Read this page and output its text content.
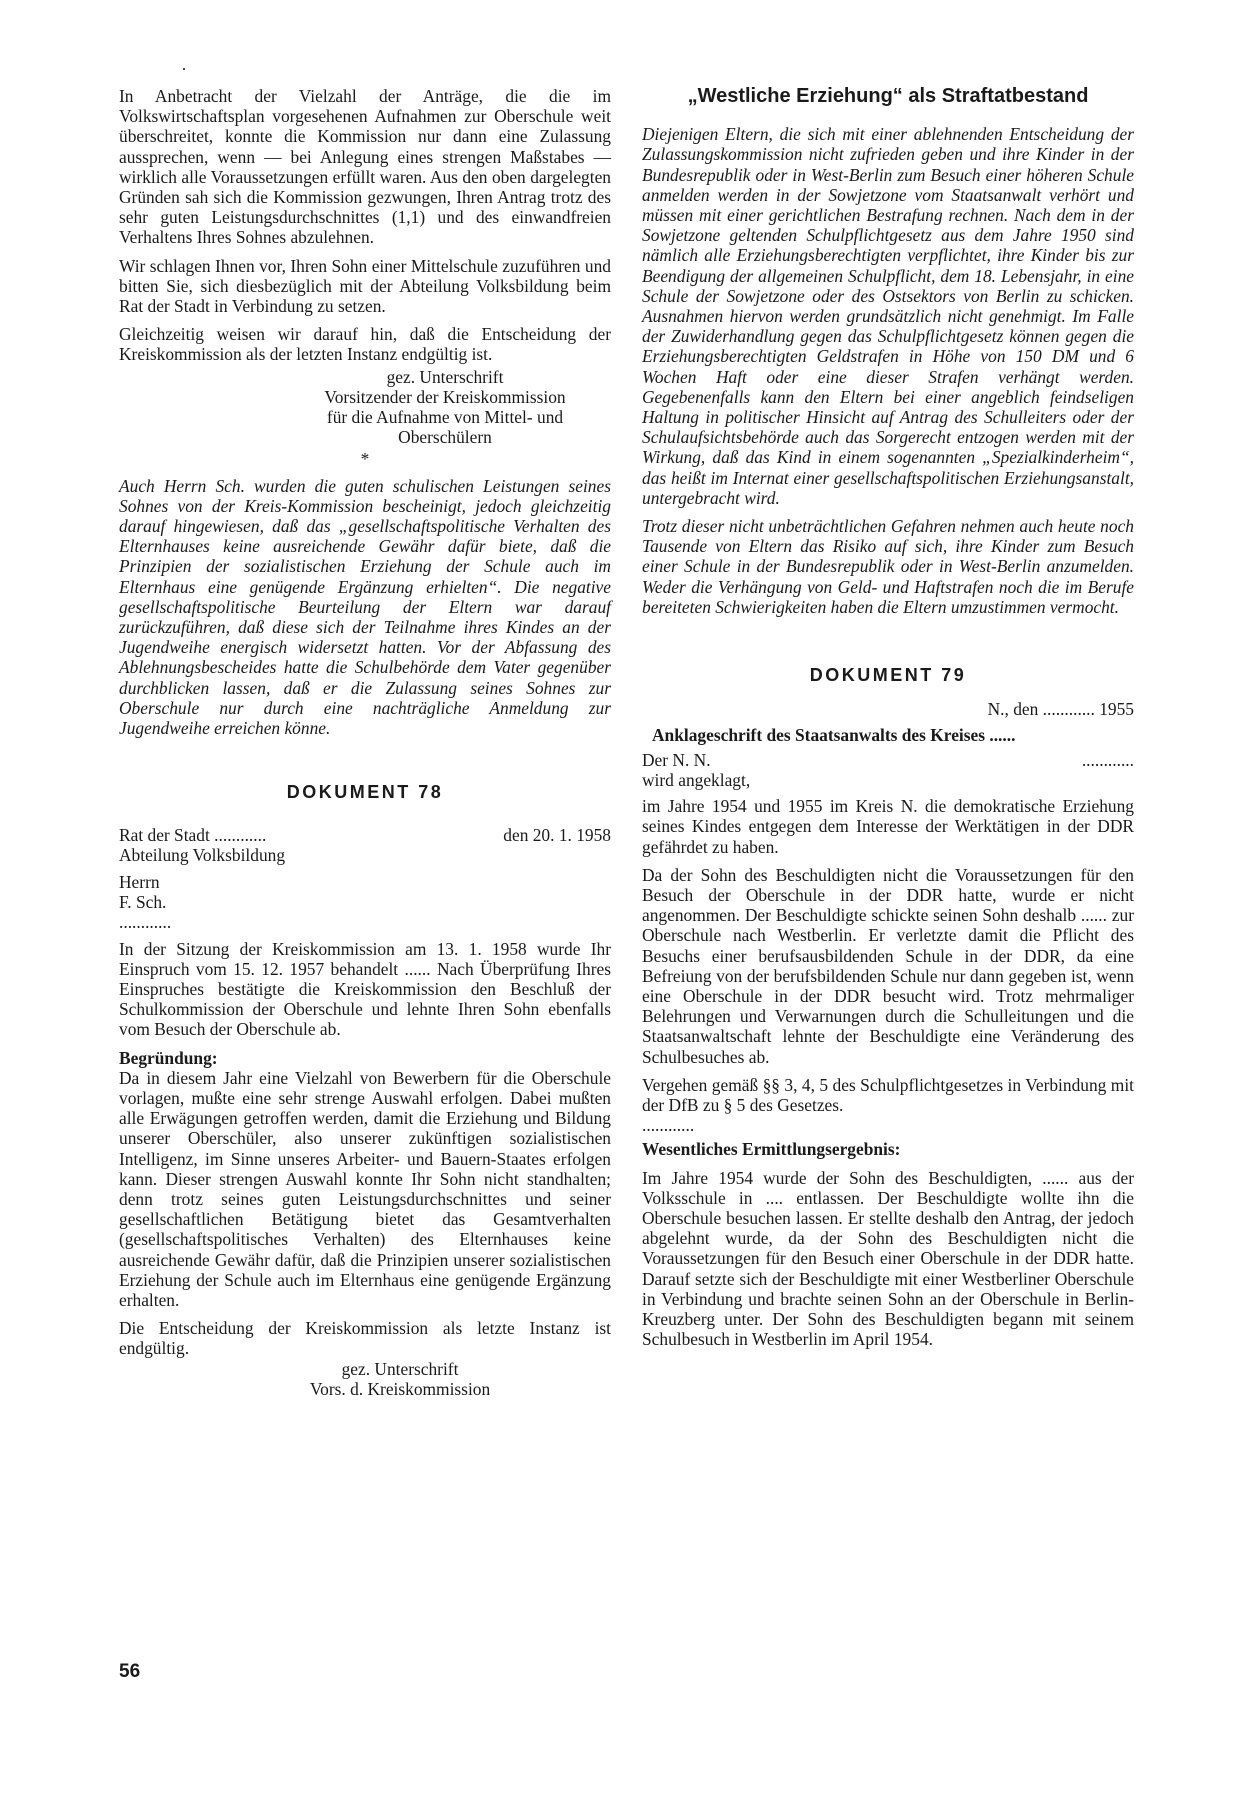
In Anbetracht der Vielzahl der Anträge, die die im Volkswirtschaftsplan vorgesehenen Aufnahmen zur Oberschule weit überschreitet, konnte die Kommission nur dann eine Zulassung aussprechen, wenn — bei Anlegung eines strengen Maßstabes — wirklich alle Voraussetzungen erfüllt waren. Aus den oben dargelegten Gründen sah sich die Kommission gezwungen, Ihren Antrag trotz des sehr guten Leistungsdurchschnittes (1,1) und des einwandfreien Verhaltens Ihres Sohnes abzulehnen.

Wir schlagen Ihnen vor, Ihren Sohn einer Mittelschule zuzuführen und bitten Sie, sich diesbezüglich mit der Abteilung Volksbildung beim Rat der Stadt in Verbindung zu setzen.

Gleichzeitig weisen wir darauf hin, daß die Entscheidung der Kreiskommission als der letzten Instanz endgültig ist.

gez. Unterschrift

Vorsitzender der Kreiskommission

für die Aufnahme von Mittel- und

Oberschülern

*

Auch Herrn Sch. wurden die guten schulischen Leistungen seines Sohnes von der Kreis-Kommission bescheinigt, jedoch gleichzeitig darauf hingewiesen, daß das „gesellschaftspolitische Verhalten des Elternhauses keine ausreichende Gewähr dafür biete, daß die Prinzipien der sozialistischen Erziehung der Schule auch im Elternhaus eine genügende Ergänzung erhielten“. Die negative gesellschaftspolitische Beurteilung der Eltern war darauf zurückzuführen, daß diese sich der Teilnahme ihres Kindes an der Jugendweihe energisch widersetzt hatten. Vor der Abfassung des Ablehnungsbescheides hatte die Schulbehörde dem Vater gegenüber durchblicken lassen, daß er die Zulassung seines Sohnes zur Oberschule nur durch eine nachträgliche Anmeldung zur Jugendweihe erreichen könne.

DOKUMENT 78

Rat der Stadt ............	den 20. 1. 1958

Abteilung Volksbildung

Herrn

F. Sch.

............

In der Sitzung der Kreiskommission am 13. 1. 1958 wurde Ihr Einspruch vom 15. 12. 1957 behandelt ...... Nach Überprüfung Ihres Einspruches bestätigte die Kreiskommission den Beschluß der Schulkommission der Oberschule und lehnte Ihren Sohn ebenfalls vom Besuch der Oberschule ab.

Begründung:

Da in diesem Jahr eine Vielzahl von Bewerbern für die Oberschule vorlagen, mußte eine sehr strenge Auswahl erfolgen. Dabei mußten alle Erwägungen getroffen werden, damit die Erziehung und Bildung unserer Oberschüler, also unserer zukünftigen sozialistischen Intelligenz, im Sinne unseres Arbeiter- und Bauern-Staates erfolgen kann. Dieser strengen Auswahl konnte Ihr Sohn nicht standhalten; denn trotz seines guten Leistungsdurchschnittes und seiner gesellschaftlichen Betätigung bietet das Gesamtverhalten (gesellschaftspolitisches Verhalten) des Elternhauses keine ausreichende Gewähr dafür, daß die Prinzipien unserer sozialistischen Erziehung der Schule auch im Elternhaus eine genügende Ergänzung erhalten.

Die Entscheidung der Kreiskommission als letzte Instanz ist endgültig.

gez. Unterschrift

Vors. d. Kreiskommission

„Westliche Erziehung“ als Straftatbestand

Diejenigen Eltern, die sich mit einer ablehnenden Entscheidung der Zulassungskommission nicht zufrieden geben und ihre Kinder in der Bundesrepublik oder in West-Berlin zum Besuch einer höheren Schule anmelden werden in der Sowjetzone vom Staatsanwalt verhört und müssen mit einer gerichtlichen Bestrafung rechnen. Nach dem in der Sowjetzone geltenden Schulpflichtgesetz aus dem Jahre 1950 sind nämlich alle Erziehungsberechtigten verpflichtet, ihre Kinder bis zur Beendigung der allgemeinen Schulpflicht, dem 18. Lebensjahr, in eine Schule der Sowjetzone oder des Ostsektors von Berlin zu schicken. Ausnahmen hiervon werden grundsätzlich nicht genehmigt. Im Falle der Zuwiderhandlung gegen das Schulpflichtgesetz können gegen die Erziehungsberechtigten Geldstrafen in Höhe von 150 DM und 6 Wochen Haft oder eine dieser Strafen verhängt werden. Gegebenenfalls kann den Eltern bei einer angeblich feindseligen Haltung in politischer Hinsicht auf Antrag des Schulleiters oder der Schulaufsichtsbehörde auch das Sorgerecht entzogen werden mit der Wirkung, daß das Kind in einem sogenannten „Spezialkinderheim“, das heißt im Internat einer gesellschaftspolitischen Erziehungsanstalt, untergebracht wird.

Trotz dieser nicht unbeträchtlichen Gefahren nehmen auch heute noch Tausende von Eltern das Risiko auf sich, ihre Kinder zum Besuch einer Schule in der Bundesrepublik oder in West-Berlin anzumelden. Weder die Verhängung von Geld- und Haftstrafen noch die im Berufe bereiteten Schwierigkeiten haben die Eltern umzustimmen vermocht.

DOKUMENT 79

N., den ............ 1955

Anklageschrift des Staatsanwalts des Kreises ......

Der N. N.	............

wird angeklagt,

im Jahre 1954 und 1955 im Kreis N. die demokratische Erziehung seines Kindes entgegen dem Interesse der Werktätigen in der DDR gefährdet zu haben.

Da der Sohn des Beschuldigten nicht die Voraussetzungen für den Besuch der Oberschule in der DDR hatte, wurde er nicht angenommen. Der Beschuldigte schickte seinen Sohn deshalb ...... zur Oberschule nach Westberlin. Er verletzte damit die Pflicht des Besuchs einer berufsausbildenden Schule in der DDR, da eine Befreiung von der berufsbildenden Schule nur dann gegeben ist, wenn eine Oberschule in der DDR besucht wird. Trotz mehrmaliger Belehrungen und Verwarnungen durch die Schulleitungen und die Staatsanwaltschaft lehnte der Beschuldigte eine Veränderung des Schulbesuches ab.

Vergehen gemäß §§ 3, 4, 5 des Schulpflichtgesetzes in Verbindung mit der DfB zu § 5 des Gesetzes.

............

Wesentliches Ermittlungsergebnis:

Im Jahre 1954 wurde der Sohn des Beschuldigten, ...... aus der Volksschule in .... entlassen. Der Beschuldigte wollte ihn die Oberschule besuchen lassen. Er stellte deshalb den Antrag, der jedoch abgelehnt wurde, da der Sohn des Beschuldigten nicht die Voraussetzungen für den Besuch einer Oberschule in der DDR hatte. Darauf setzte sich der Beschuldigte mit einer Westberliner Oberschule in Verbindung und brachte seinen Sohn an der Oberschule in Berlin-Kreuzberg unter. Der Sohn des Beschuldigten begann mit seinem Schulbesuch in Westberlin im April 1954.

56
